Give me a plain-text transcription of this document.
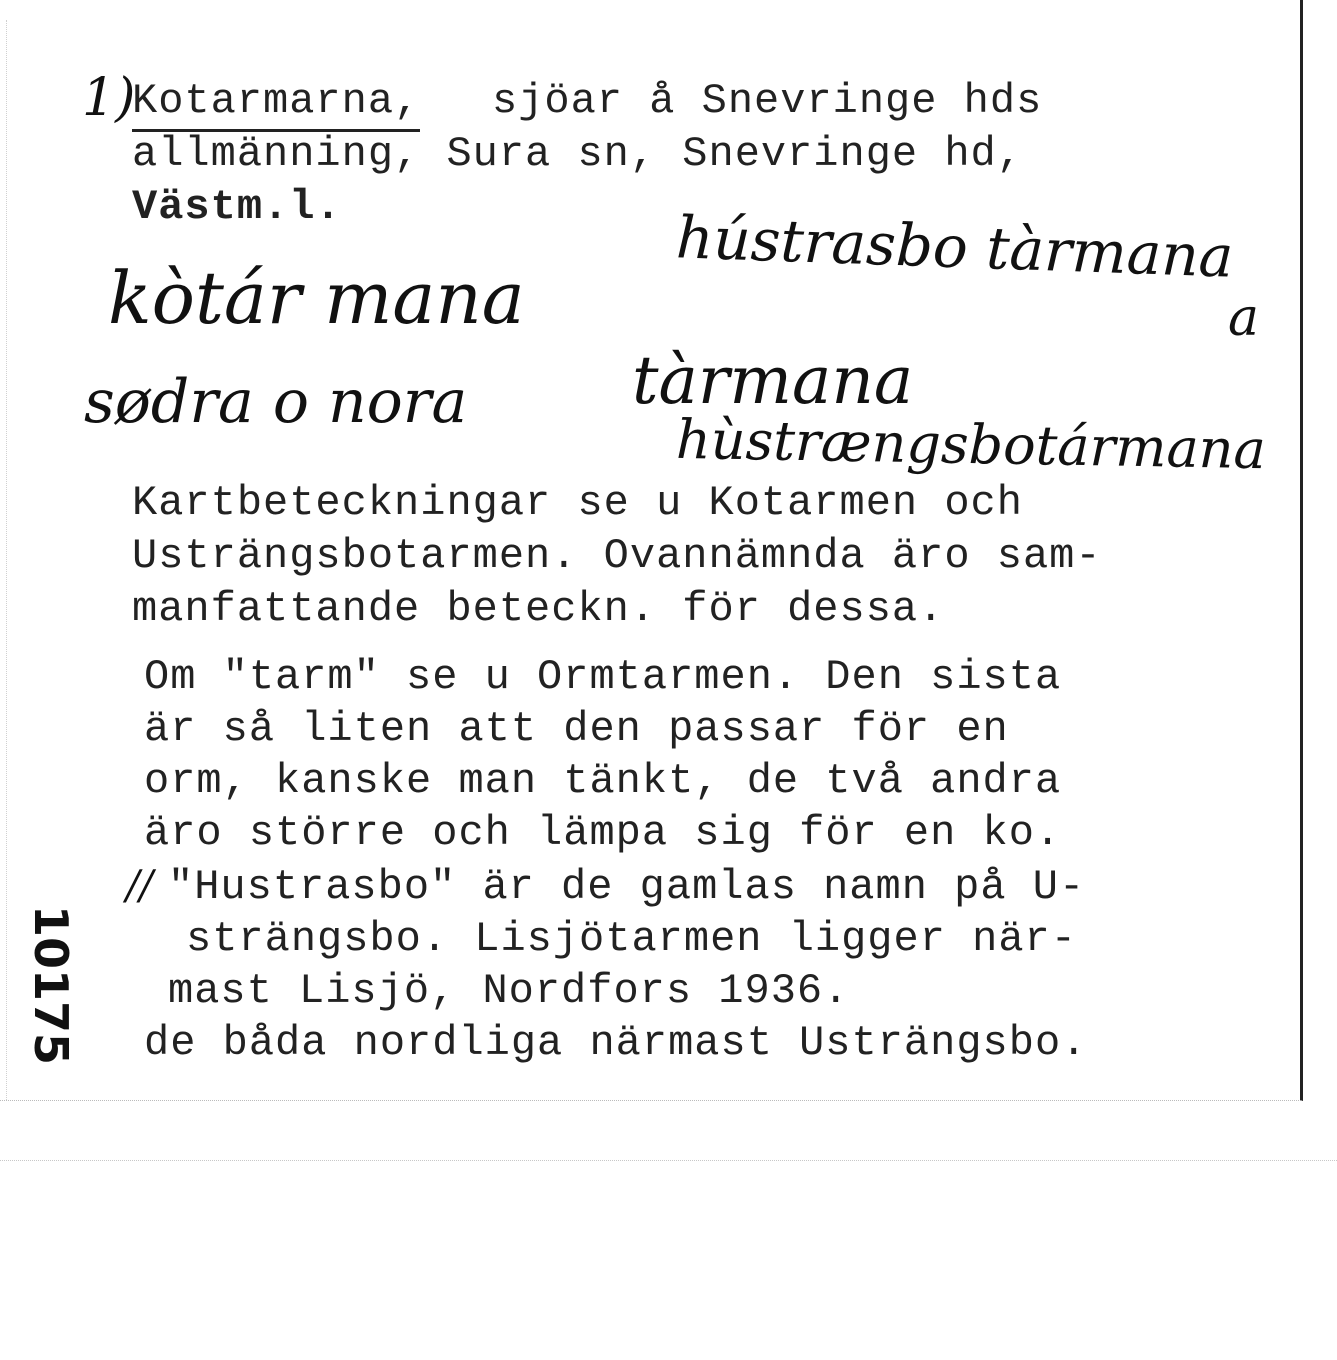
1)
Kotarmarna, sjöar å Snevringe hds
allmänning, Sura sn, Snevringe hd,
Västm.l.
kòtár mana
hústrasbo tàrmana
a
sødra o nora tàrmana
hùstrængsbotármana
Kartbeteckningar se u Kotarmen och
Usträngsbotarmen. Ovannämnda äro sam-
manfattande beteckn. för dessa.
Om "tarm" se u Ormtarmen. Den sista
är så liten att den passar för en
orm, kanske man tänkt, de två andra
äro större och lämpa sig för en ko.
// "Hustrasbo" är de gamlas namn på U-
strängsbo. Lisjötarmen ligger när-
mast Lisjö, Nordfors 1936.
de båda nordliga närmast Usträngsbo.
10175
